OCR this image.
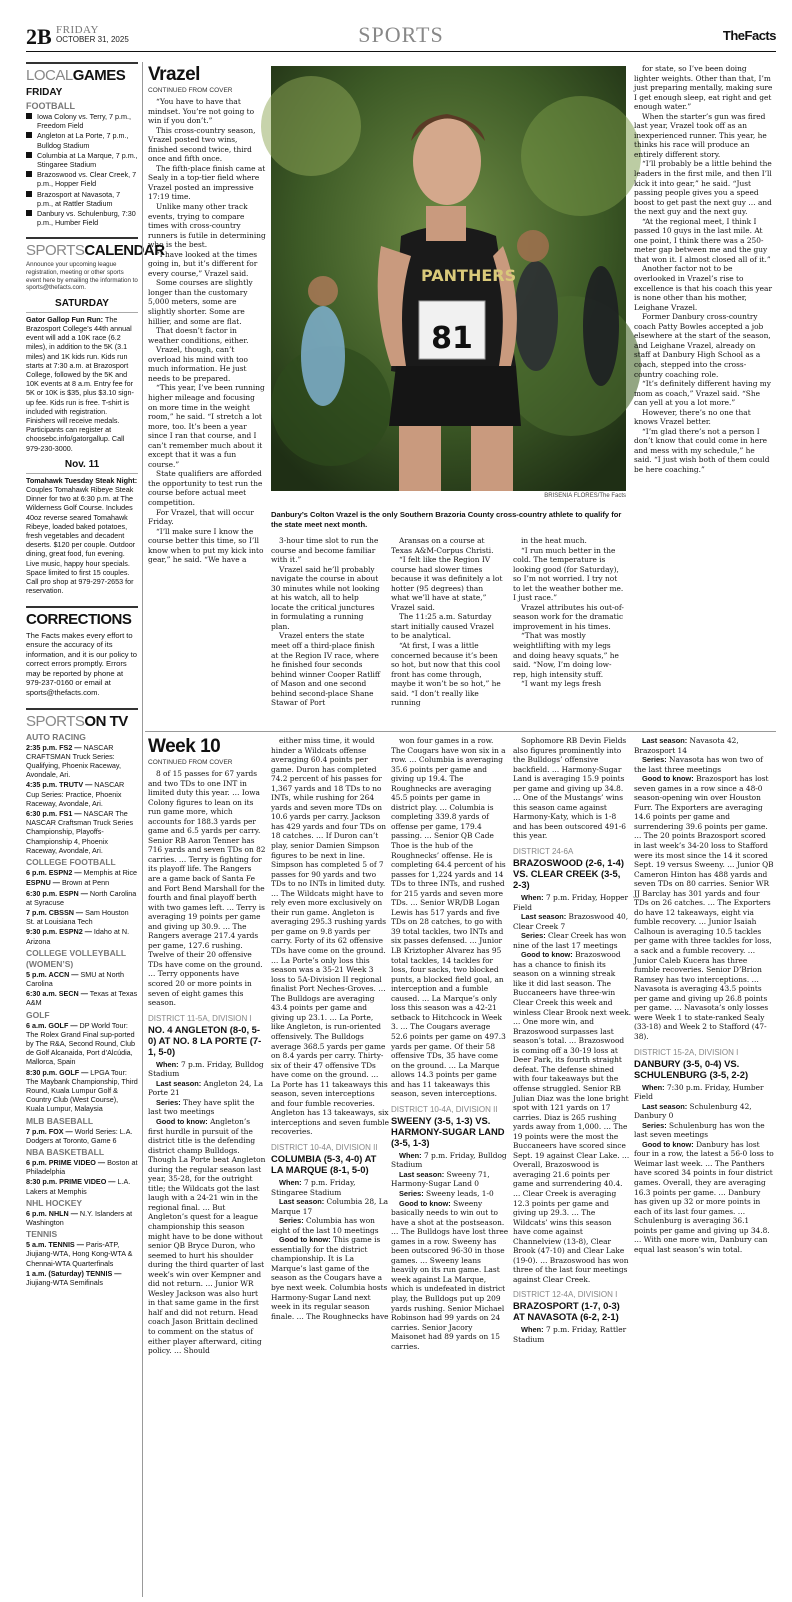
2B FRIDAY
OCTOBER 31, 2025	SPORTS	TheFacts
LOCALGAMES
FRIDAY
FOOTBALL
Iowa Colony vs. Terry, 7 p.m., Freedom Field
Angleton at La Porte, 7 p.m., Bulldog Stadium
Columbia at La Marque, 7 p.m., Stingaree Stadium
Brazoswood vs. Clear Creek, 7 p.m., Hopper Field
Brazosport at Navasota, 7 p.m., at Rattler Stadium
Danbury vs. Schulenburg, 7:30 p.m., Humber Field
SPORTSCALENDAR
Announce your upcoming league registration, meeting or other sports event here by emailing the information to sports@thefacts.com.
SATURDAY
Gator Gallop Fun Run: The Brazosport College’s 44th annual event will add a 10K race (6.2 miles), in addition to the 5K (3.1 miles) and 1K kids run. Kids run starts at 7:30 a.m. at Brazosport College, followed by the 5K and 10K events at 8 a.m. Entry fee for 5K or 10K is $35, plus $3.10 sign-up fee. Kids run is free. T-shirt is included with registration. Finishers will receive medals. Participants can register at choosebc.info/gatorgallup. Call 979-230-3000.
Nov. 11
Tomahawk Tuesday Steak Night: Couples Tomahawk Ribeye Steak Dinner for two at 6:30 p.m. at The Wilderness Golf Course. Includes 40oz reverse seared Tomahawk Ribeye, loaded baked potatoes, fresh vegetables and decadent deserts. $120 per couple. Outdoor dining, great food, fun evening. Live music, happy hour specials. Space limited to first 15 couples. Call pro shop at 979-297-2653 for reservation.
CORRECTIONS
The Facts makes every effort to ensure the accuracy of its information, and it is our policy to correct errors promptly. Errors may be reported by phone at 979-237-0160 or email at sports@thefacts.com.
SPORTSON TV
AUTO RACING
2:35 p.m. FS2 — NASCAR CRAFTSMAN Truck Series: Qualifying, Phoenix Raceway, Avondale, Ari.
4:35 p.m. TRUTV — NASCAR Cup Series: Practice, Phoenix Raceway, Avondale, Ari.
6:30 p.m. FS1 — NASCAR The NASCAR Craftsman Truck Series Championship, Playoffs-Championship 4, Phoenix Raceway, Avondale, Ari.
COLLEGE FOOTBALL
6 p.m. ESPN2 — Memphis at Rice
ESPNU — Brown at Penn
6:30 p.m. ESPN — North Carolina at Syracuse
7 p.m. CBSSN — Sam Houston St. at Louisiana Tech
9:30 p.m. ESPN2 — Idaho at N. Arizona
COLLEGE VOLLEYBALL (WOMEN’S)
5 p.m. ACCN — SMU at North Carolina
6:30 a.m. SECN — Texas at Texas A&M
GOLF
6 a.m. GOLF — DP World Tour: The Rolex Grand Final sup-ported by The R&A, Second Round, Club de Golf Alcanaida, Port d’Alcúdia, Mallorca, Spain
8:30 p.m. GOLF — LPGA Tour: The Maybank Championship, Third Round, Kuala Lumpur Golf & Country Club (West Course), Kuala Lumpur, Malaysia
MLB BASEBALL
7 p.m. FOX — World Series: L.A. Dodgers at Toronto, Game 6
NBA BASKETBALL
6 p.m. PRIME VIDEO — Boston at Philadelphia
8:30 p.m. PRIME VIDEO — L.A. Lakers at Memphis
NHL HOCKEY
6 p.m. NHLN — N.Y. Islanders at Washington
TENNIS
5 a.m. TENNIS — Paris-ATP, Jiujiang-WTA, Hong Kong-WTA & Chennai-WTA Quarterfinals
1 a.m. (Saturday) TENNIS — Jiujiang-WTA Semifinals
Vrazel
CONTINUED FROM COVER

“You have to have that mindset. You’re not going to win if you don’t.”

This cross-country season, Vrazel posted two wins, finished second twice, third once and fifth once.

The fifth-place finish came at Sealy in a top-tier field where Vrazel posted an impressive 17:19 time.

Unlike many other track events, trying to compare times with cross-country runners is futile in determining who is the best.

“I have looked at the times going in, but it’s different for every course,” Vrazel said.

Some courses are slightly longer than the customary 5,000 meters, some are slightly shorter. Some are hillier, and some are flat.

That doesn’t factor in weather conditions, either.

Vrazel, though, can’t overload his mind with too much information. He just needs to be prepared.

“This year, I’ve been running higher mileage and focusing on more time in the weight room,” he said. “I stretch a lot more, too. It’s been a year since I ran that course, and I can’t remember much about it except that it was a fun course.”

State qualifiers are afforded the opportunity to test run the course before actual meet competition.

For Vrazel, that will occur Friday.

“I’ll make sure I know the course better this time, so I’ll know when to put my kick into gear,” he said. “We have a

PANTHERS
81
BRISENIA FLORES/The Facts
Danbury’s Colton Vrazel is the only Southern Brazoria County cross-country athlete to qualify for the state meet next month.

3-hour time slot to run the course and become familiar with it.”

Vrazel said he’ll probably navigate the course in about 30 minutes while not looking at his watch, all to help locate the critical junctures in formulating a running plan.

Vrazel enters the state meet off a third-place finish at the Region IV race, where he finished four seconds behind winner Cooper Ratliff of Mason and one second behind second-place Shane Stawar of Port

Aransas on a course at Texas A&M-Corpus Christi.

“I felt like the Region IV course had slower times because it was definitely a lot hotter (95 degrees) than what we’ll have at state,” Vrazel said.

The 11:25 a.m. Saturday start initially caused Vrazel to be analytical.

“At first, I was a little concerned because it’s been so hot, but now that this cool front has come through, maybe it won’t be so hot,” he said. “I don’t really like running

in the heat much.

“I run much better in the cold. The temperature is looking good (for Saturday), so I’m not worried. I try not to let the weather bother me. I just race.”

Vrazel attributes his out-of-season work for the dramatic improvement in his times.

“That was mostly weightlifting with my legs and doing heavy squats,” he said. “Now, I’m doing low-rep, high intensity stuff.

“I want my legs fresh

for state, so I’ve been doing lighter weights. Other than that, I’m just preparing mentally, making sure I get enough sleep, eat right and get enough water.”

When the starter’s gun was fired last year, Vrazel took off as an inexperienced runner. This year, he thinks his race will produce an entirely different story.

“I’ll probably be a little behind the leaders in the first mile, and then I’ll kick it into gear,” he said. “Just passing people gives you a speed boost to get past the next guy … and the next guy and the next guy.

“At the regional meet, I think I passed 10 guys in the last mile. At one point, I think there was a 250-meter gap between me and the guy that won it. I almost closed all of it.”

Another factor not to be overlooked in Vrazel’s rise to excellence is that his coach this year is none other than his mother, Leighane Vrazel.

Former Danbury cross-country coach Patty Bowles accepted a job elsewhere at the start of the season, and Leighane Vrazel, already on staff at Danbury High School as a coach, stepped into the cross-country coaching role.

“It’s definitely different having my mom as coach,” Vrazel said. “She can yell at you a lot more.”

However, there’s no one that knows Vrazel better.

“I’m glad there’s not a person I don’t know that could come in here and mess with my schedule,” he said. “I just wish both of them could be here coaching.”

Week 10
CONTINUED FROM COVER

8 of 15 passes for 67 yards and two TDs to one INT in limited duty this year. … Iowa Colony figures to lean on its run game more, which accounts for 188.3 yards per game and 6.5 yards per carry. Senior RB Aaron Tenner has 716 yards and seven TDs on 82 carries. … Terry is fighting for its playoff life. The Rangers are a game back of Santa Fe and Fort Bend Marshall for the fourth and final playoff berth with two games left. … Terry is averaging 19 points per game and giving up 30.9. … The Rangers average 217.4 yards per game, 127.6 rushing. Twelve of their 20 offensive TDs have come on the ground. … Terry opponents have scored 20 or more points in seven of eight games this season.

DISTRICT 11-5A, DIVISION I
NO. 4 ANGLETON (8-0, 5-0) AT NO. 8 LA PORTE (7-1, 5-0)

When: 7 p.m. Friday, Bulldog Stadium

Last season: Angleton 24, La Porte 21

Series: They have split the last two meetings

Good to know: Angleton’s first hurdle in pursuit of the district title is the defending district champ Bulldogs. Though La Porte beat Angleton during the regular season last year, 35-28, for the outright title; the Wildcats got the last laugh with a 24-21 win in the regional final. … But Angleton’s quest for a league championship this season might have to be done without senior QB Bryce Duron, who seemed to hurt his shoulder during the third quarter of last week’s win over Kempner and did not return. … Junior WR Wesley Jackson was also hurt in that same game in the first half and did not return. Head coach Jason Brittain declined to comment on the status of either player afterward, citing policy. … Should

either miss time, it would hinder a Wildcats offense averaging 60.4 points per game. Duron has completed 74.2 percent of his passes for 1,367 yards and 18 TDs to no INTs, while rushing for 264 yards and seven more TDs on 10.6 yards per carry. Jackson has 429 yards and four TDs on 18 catches. … If Duron can’t play, senior Damien Simpson figures to be next in line. Simpson has completed 5 of 7 passes for 90 yards and two TDs to no INTs in limited duty. … The Wildcats might have to rely even more exclusively on their run game. Angleton is averaging 295.3 rushing yards per game on 9.8 yards per carry. Forty of its 62 offensive TDs have come on the ground. … La Porte’s only loss this season was a 35-21 Week 3 loss to 5A-Division II regional finalist Port Neches-Groves. … The Bulldogs are averaging 43.4 points per game and giving up 23.1. … La Porte, like Angleton, is run-oriented offensively. The Bulldogs average 368.5 yards per game on 8.4 yards per carry. Thirty-six of their 47 offensive TDs have come on the ground. … La Porte has 11 takeaways this season, seven interceptions and four fumble recoveries. Angleton has 13 takeaways, six interceptions and seven fumble recoveries.

DISTRICT 10-4A, DIVISION II
COLUMBIA (5-3, 4-0) AT LA MARQUE (8-1, 5-0)

When: 7 p.m. Friday, Stingaree Stadium

Last season: Columbia 28, La Marque 17

Series: Columbia has won eight of the last 10 meetings

Good to know: This game is essentially for the district championship. It is La Marque’s last game of the season as the Cougars have a bye next week. Columbia hosts Harmony-Sugar Land next week in its regular season finale. … The Roughnecks have

won four games in a row. The Cougars have won six in a row. … Columbia is averaging 35.6 points per game and giving up 19.4. The Roughnecks are averaging 45.5 points per game in district play. … Columbia is completing 339.8 yards of offense per game, 179.4 passing. … Senior QB Cade Thoe is the hub of the Roughnecks’ offense. He is completing 64.4 percent of his passes for 1,224 yards and 14 TDs to three INTs, and rushed for 215 yards and seven more TDs. … Senior WR/DB Logan Lewis has 517 yards and five TDs on 28 catches, to go with 39 total tackles, two INTs and six passes defensed. … Junior LB Kriztopher Alvarez has 95 total tackles, 14 tackles for loss, four sacks, two blocked punts, a blocked field goal, an interception and a fumble caused. … La Marque’s only loss this season was a 42-21 setback to Hitchcock in Week 3. … The Cougars average 52.6 points per game on 497.3 yards per game. Of their 58 offensive TDs, 35 have come on the ground. … La Marque allows 14.3 points per game and has 11 takeaways this season, seven interceptions.

DISTRICT 10-4A, DIVISION II
SWEENY (3-5, 1-3) VS. HARMONY-SUGAR LAND (3-5, 1-3)

When: 7 p.m. Friday, Bulldog Stadium

Last season: Sweeny 71, Harmony-Sugar Land 0

Series: Sweeny leads, 1-0

Good to know: Sweeny basically needs to win out to have a shot at the postseason. … The Bulldogs have lost three games in a row. Sweeny has been outscored 96-30 in those games. … Sweeny leans heavily on its run game. Last week against La Marque, which is undefeated in district play, the Bulldogs put up 209 yards rushing. Senior Michael Robinson had 99 yards on 24 carries. Senior Jacory Maisonet had 89 yards on 15 carries.

Sophomore RB Devin Fields also figures prominently into the Bulldogs’ offensive backfield. … Harmony-Sugar Land is averaging 15.9 points per game and giving up 34.8. … One of the Mustangs’ wins this season came against Harmony-Katy, which is 1-8 and has been outscored 491-6 this year.

DISTRICT 24-6A
BRAZOSWOOD (2-6, 1-4) VS. CLEAR CREEK (3-5, 2-3)

When: 7 p.m. Friday, Hopper Field

Last season: Brazoswood 40, Clear Creek 7

Series: Clear Creek has won nine of the last 17 meetings

Good to know: Brazoswood has a chance to finish its season on a winning streak like it did last season. The Buccaneers have three-win Clear Creek this week and winless Clear Brook next week. … One more win, and Brazoswood surpasses last season’s total. … Brazoswood is coming off a 30-19 loss at Deer Park, its fourth straight defeat. The defense shined with four takeaways but the offense struggled. Senior RB Julian Diaz was the lone bright spot with 121 yards on 17 carries. Diaz is 265 rushing yards away from 1,000. … The 19 points were the most the Buccaneers have scored since Sept. 19 against Clear Lake. … Overall, Brazoswood is averaging 21.6 points per game and surrendering 40.4. … Clear Creek is averaging 12.3 points per game and giving up 29.3. … The Wildcats’ wins this season have come against Channelview (13-8), Clear Brook (47-10) and Clear Lake (19-0). … Brazoswood has won three of the last four meetings against Clear Creek.

DISTRICT 12-4A, DIVISION I
BRAZOSPORT (1-7, 0-3) AT NAVASOTA (6-2, 2-1)

When: 7 p.m. Friday, Rattler Stadium

Last season: Navasota 42, Brazosport 14

Series: Navasota has won two of the last three meetings

Good to know: Brazosport has lost seven games in a row since a 48-0 season-opening win over Houston Furr. The Exporters are averaging 14.6 points per game and surrendering 39.6 points per game. … The 20 points Brazosport scored in last week’s 34-20 loss to Stafford were its most since the 14 it scored Sept. 19 versus Sweeny. … Junior QB Cameron Hinton has 488 yards and seven TDs on 80 carries. Senior WR JJ Barclay has 301 yards and four TDs on 26 catches. … The Exporters do have 12 takeaways, eight via fumble recovery. … Junior Isaiah Calhoun is averaging 10.5 tackles per game with three tackles for loss, a sack and a fumble recovery. … Junior Caleb Kucera has three fumble recoveries. Senior D’Brion Ramsey has two interceptions. … Navasota is averaging 43.5 points per game and giving up 26.8 points per game. … Navasota’s only losses were Week 1 to state-ranked Sealy (33-18) and Week 2 to Stafford (47-38).

DISTRICT 15-2A, DIVISION I
DANBURY (3-5, 0-4) VS. SCHULENBURG (3-5, 2-2)

When: 7:30 p.m. Friday, Humber Field

Last season: Schulenburg 42, Danbury 0

Series: Schulenburg has won the last seven meetings

Good to know: Danbury has lost four in a row, the latest a 56-0 loss to Weimar last week. … The Panthers have scored 34 points in four district games. Overall, they are averaging 16.3 points per game. … Danbury has given up 32 or more points in each of its last four games. … Schulenburg is averaging 36.1 points per game and giving up 34.8. … With one more win, Danbury can equal last season’s win total.
